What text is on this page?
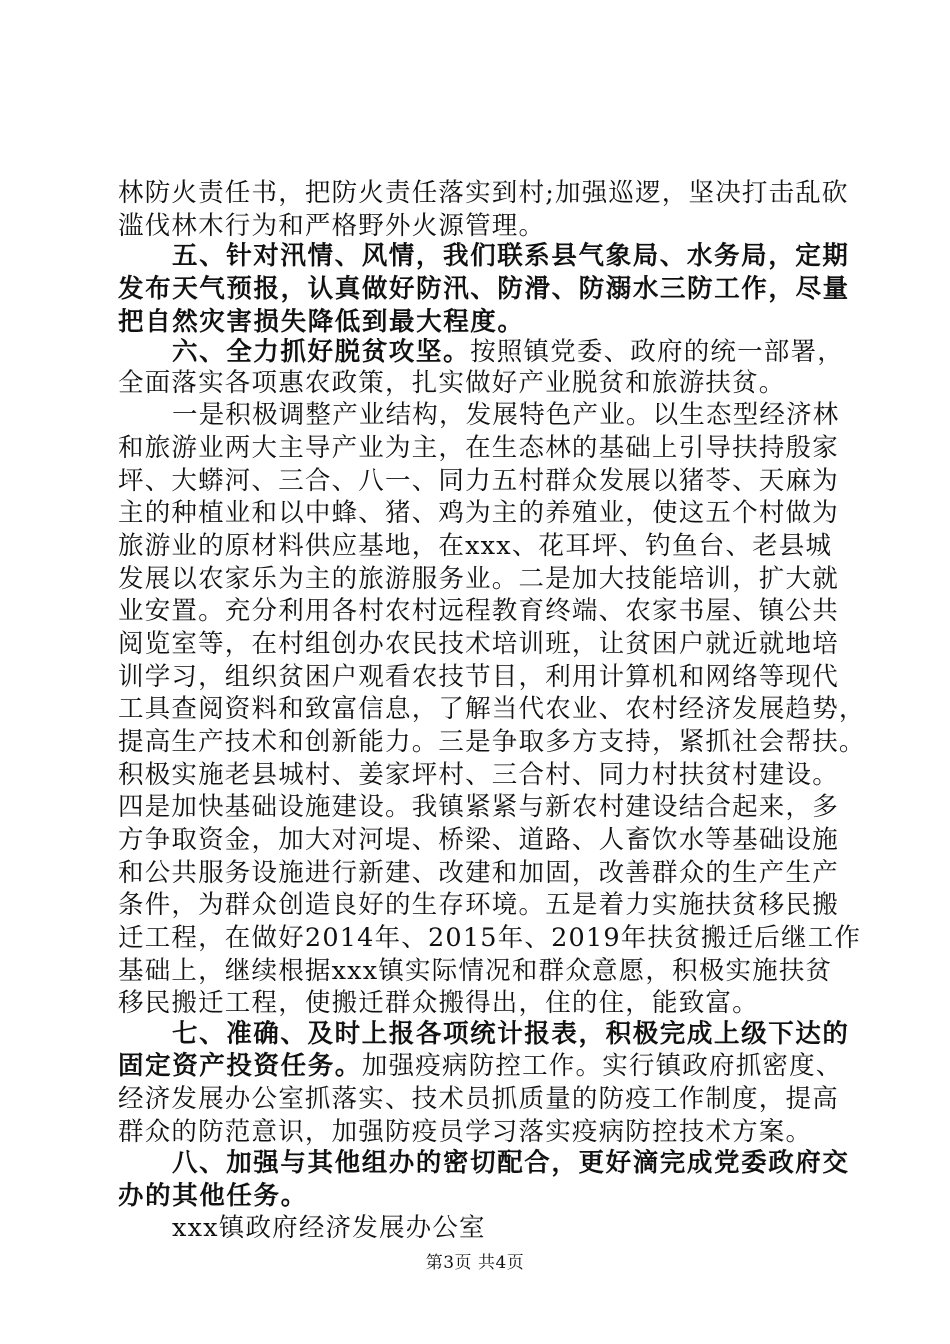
林防火责任书，把防火责任落实到村;加强巡逻，坚决打击乱砍
滥伐林木行为和严格野外火源管理。
五、针对汛情、风情，我们联系县气象局、水务局，定期
发布天气预报，认真做好防汛、防滑、防溺水三防工作，尽量
把自然灾害损失降低到最大程度。
六、全力抓好脱贫攻坚。按照镇党委、政府的统一部署，
全面落实各项惠农政策，扎实做好产业脱贫和旅游扶贫。
一是积极调整产业结构，发展特色产业。以生态型经济林
和旅游业两大主导产业为主，在生态林的基础上引导扶持殷家
坪、大蟒河、三合、八一、同力五村群众发展以猪苓、天麻为
主的种植业和以中蜂、猪、鸡为主的养殖业，使这五个村做为
旅游业的原材料供应基地，在xxx、花耳坪、钓鱼台、老县城
发展以农家乐为主的旅游服务业。二是加大技能培训，扩大就
业安置。充分利用各村农村远程教育终端、农家书屋、镇公共
阅览室等，在村组创办农民技术培训班，让贫困户就近就地培
训学习，组织贫困户观看农技节目，利用计算机和网络等现代
工具查阅资料和致富信息，了解当代农业、农村经济发展趋势，
提高生产技术和创新能力。三是争取多方支持，紧抓社会帮扶。
积极实施老县城村、姜家坪村、三合村、同力村扶贫村建设。
四是加快基础设施建设。我镇紧紧与新农村建设结合起来，多
方争取资金，加大对河堤、桥梁、道路、人畜饮水等基础设施
和公共服务设施进行新建、改建和加固，改善群众的生产生产
条件，为群众创造良好的生存环境。五是着力实施扶贫移民搬
迁工程，在做好2014年、2015年、2019年扶贫搬迁后继工作
基础上，继续根据xxx镇实际情况和群众意愿，积极实施扶贫
移民搬迁工程，使搬迁群众搬得出，住的住，能致富。
七、准确、及时上报各项统计报表，积极完成上级下达的
固定资产投资任务。加强疫病防控工作。实行镇政府抓密度、
经济发展办公室抓落实、技术员抓质量的防疫工作制度，提高
群众的防范意识，加强防疫员学习落实疫病防控技术方案。
八、加强与其他组办的密切配合，更好滴完成党委政府交
办的其他任务。
xxx镇政府经济发展办公室
第3页 共4页
